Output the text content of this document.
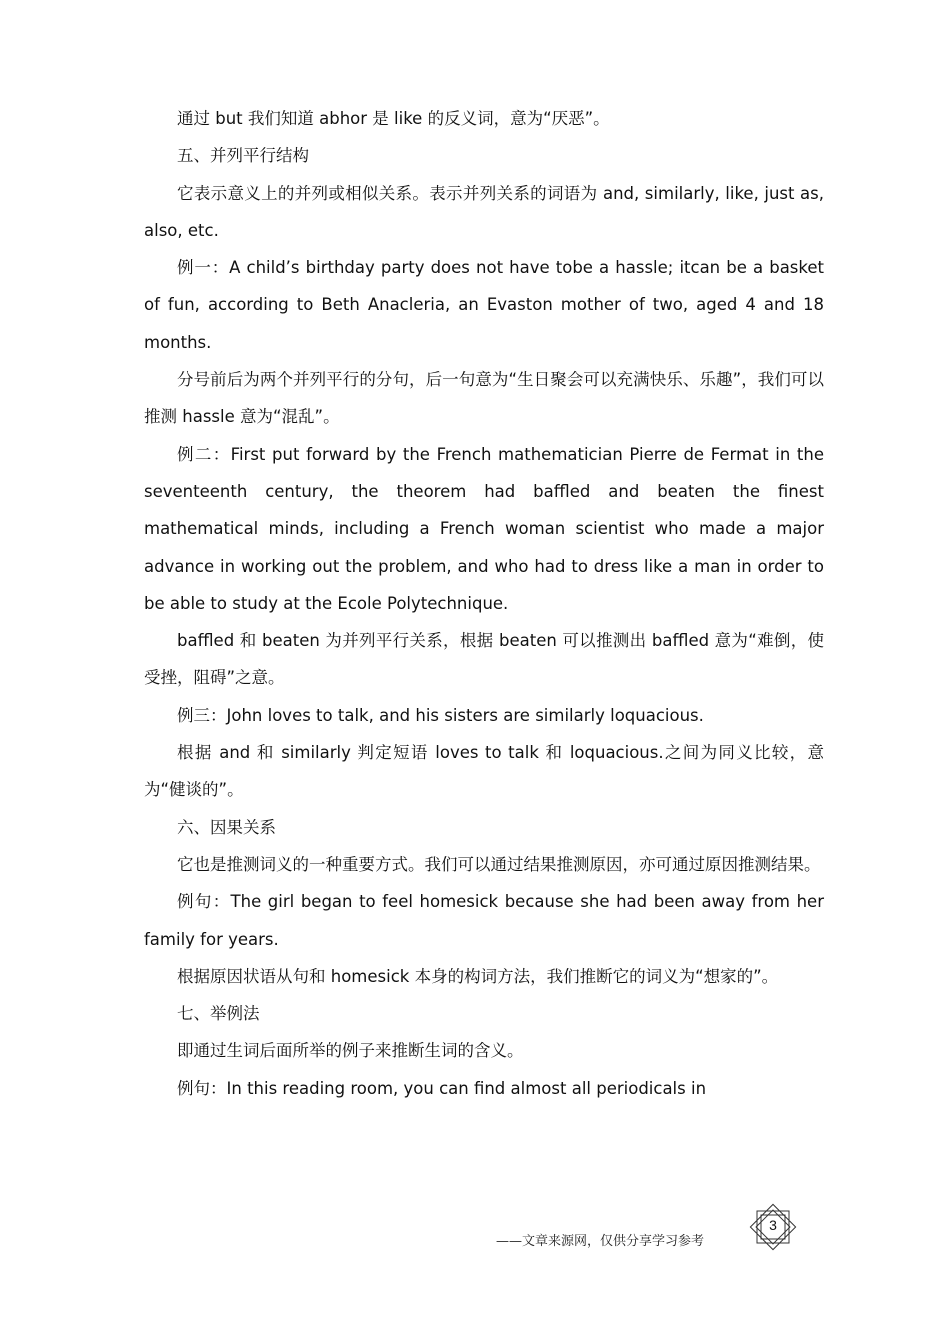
通过 but 我们知道 abhor 是 like 的反义词，意为“厌恶”。

五、并列平行结构

它表示意义上的并列或相似关系。表示并列关系的词语为 and, similarly, like, just as, also, etc.

例一：A child’s birthday party does not have tobe a hassle; itcan be a basket of fun, according to Beth Anacleria, an Evaston mother of two, aged 4 and 18 months.

分号前后为两个并列平行的分句，后一句意为“生日聚会可以充满快乐、乐趣”，我们可以推测 hassle 意为“混乱”。

例二：First put forward by the French mathematician Pierre de Fermat in the seventeenth century, the theorem had baffled and beaten the finest mathematical minds, including a French woman scientist who made a major advance in working out the problem, and who had to dress like a man in order to be able to study at the Ecole Polytechnique.

baffled 和 beaten 为并列平行关系，根据 beaten 可以推测出 baffled 意为“难倒，使受挫，阻碍”之意。

例三：John loves to talk, and his sisters are similarly loquacious.

根据 and 和 similarly 判定短语 loves to talk 和 loquacious.之间为同义比较，意为“健谈的”。

六、因果关系

它也是推测词义的一种重要方式。我们可以通过结果推测原因，亦可通过原因推测结果。

例句：The girl began to feel homesick because she had been away from her family for years.

根据原因状语从句和 homesick 本身的构词方法，我们推断它的词义为“想家的”。

七、举例法

即通过生词后面所举的例子来推断生词的含义。

例句：In this reading room, you can find almost all periodicals in

3
——文章来源网，仅供分享学习参考
